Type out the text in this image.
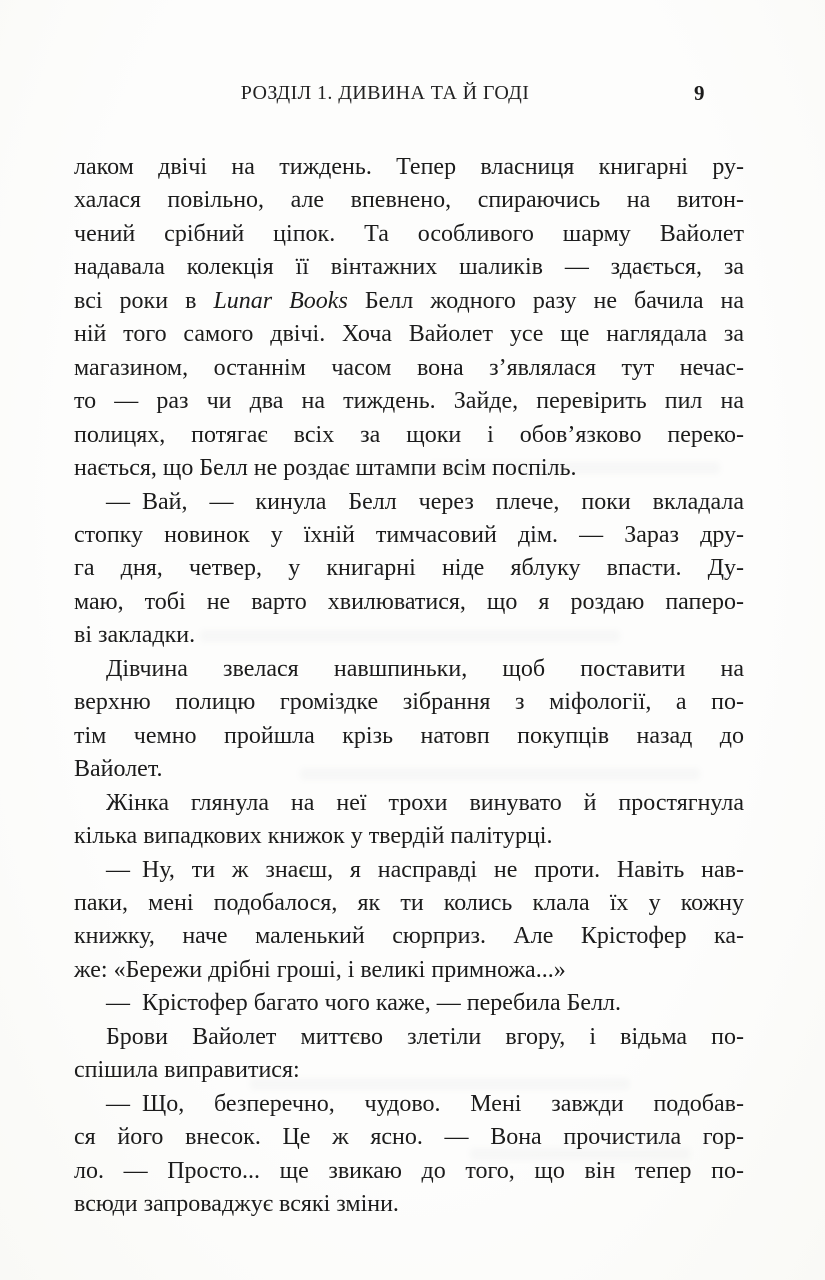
РОЗДІЛ 1. ДИВИНА ТА Й ГОДІ	9
лаком двічі на тиждень. Тепер власниця книгарні ру-
халася повільно, але впевнено, спираючись на витон-
чений срібний ціпок. Та особливого шарму Вайолет
надавала колекція її вінтажних шаликів — здається, за
всі роки в Lunar Books Белл жодного разу не бачила на
ній того самого двічі. Хоча Вайолет усе ще наглядала за
магазином, останнім часом вона з’являлася тут нечас-
то — раз чи два на тиждень. Зайде, перевірить пил на
полицях, потягає всіх за щоки і обов’язково переко-
нається, що Белл не роздає штампи всім поспіль.
— Вай, — кинула Белл через плече, поки вкладала
стопку новинок у їхній тимчасовий дім. — Зараз дру-
га дня, четвер, у книгарні ніде яблуку впасти. Ду-
маю, тобі не варто хвилюватися, що я роздаю паперо-
ві закладки.
Дівчина звелася навшпиньки, щоб поставити на
верхню полицю громіздке зібрання з міфології, а по-
тім чемно пройшла крізь натовп покупців назад до
Вайолет.
Жінка глянула на неї трохи винувато й простягнула
кілька випадкових книжок у твердій палітурці.
— Ну, ти ж знаєш, я насправді не проти. Навіть нав-
паки, мені подобалося, як ти колись клала їх у кожну
книжку, наче маленький сюрприз. Але Крістофер ка-
же: «Бережи дрібні гроші, і великі примножа...»
— Крістофер багато чого каже, — перебила Белл.
Брови Вайолет миттєво злетіли вгору, і відьма по-
спішила виправитися:
— Що, безперечно, чудово. Мені завжди подобав-
ся його внесок. Це ж ясно. — Вона прочистила гор-
ло. — Просто... ще звикаю до того, що він тепер по-
всюди запроваджує всякі зміни.
